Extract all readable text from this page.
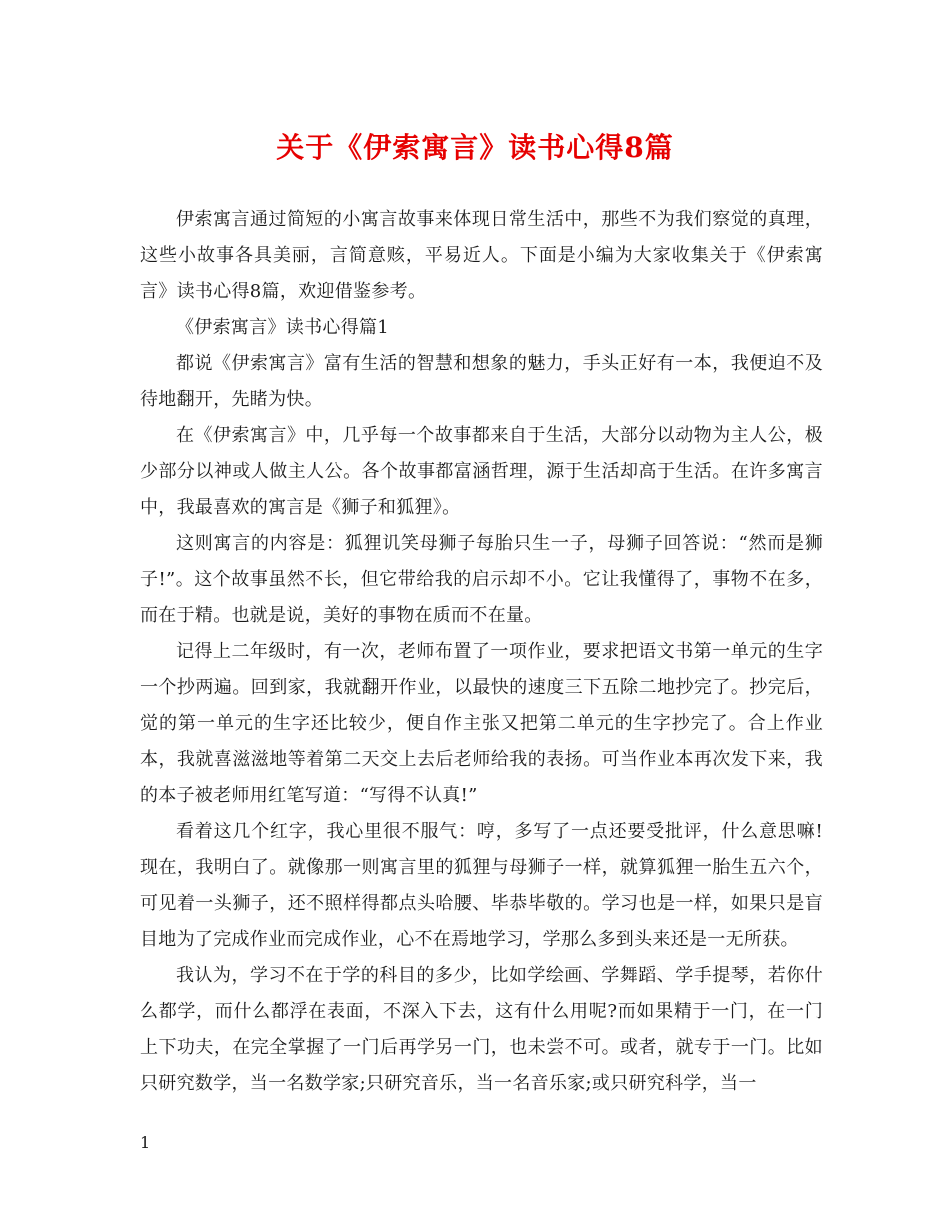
关于《伊索寓言》读书心得8篇

伊索寓言通过简短的小寓言故事来体现日常生活中，那些不为我们察觉的真理，这些小故事各具美丽，言简意赅，平易近人。下面是小编为大家收集关于《伊索寓言》读书心得8篇，欢迎借鉴参考。

《伊索寓言》读书心得篇1

都说《伊索寓言》富有生活的智慧和想象的魅力，手头正好有一本，我便迫不及待地翻开，先睹为快。

在《伊索寓言》中，几乎每一个故事都来自于生活，大部分以动物为主人公，极少部分以神或人做主人公。各个故事都富涵哲理，源于生活却高于生活。在许多寓言中，我最喜欢的寓言是《狮子和狐狸》。

这则寓言的内容是：狐狸讥笑母狮子每胎只生一子，母狮子回答说：“然而是狮子!”。这个故事虽然不长，但它带给我的启示却不小。它让我懂得了，事物不在多，而在于精。也就是说，美好的事物在质而不在量。

记得上二年级时，有一次，老师布置了一项作业，要求把语文书第一单元的生字一个抄两遍。回到家，我就翻开作业，以最快的速度三下五除二地抄完了。抄完后，觉的第一单元的生字还比较少，便自作主张又把第二单元的生字抄完了。合上作业本，我就喜滋滋地等着第二天交上去后老师给我的表扬。可当作业本再次发下来，我的本子被老师用红笔写道：“写得不认真!”

看着这几个红字，我心里很不服气：哼，多写了一点还要受批评，什么意思嘛!现在，我明白了。就像那一则寓言里的狐狸与母狮子一样，就算狐狸一胎生五六个，可见着一头狮子，还不照样得都点头哈腰、毕恭毕敬的。学习也是一样，如果只是盲目地为了完成作业而完成作业，心不在焉地学习，学那么多到头来还是一无所获。

我认为，学习不在于学的科目的多少，比如学绘画、学舞蹈、学手提琴，若你什么都学，而什么都浮在表面，不深入下去，这有什么用呢?而如果精于一门，在一门上下功夫，在完全掌握了一门后再学另一门，也未尝不可。或者，就专于一门。比如只研究数学，当一名数学家;只研究音乐，当一名音乐家;或只研究科学，当一

1
